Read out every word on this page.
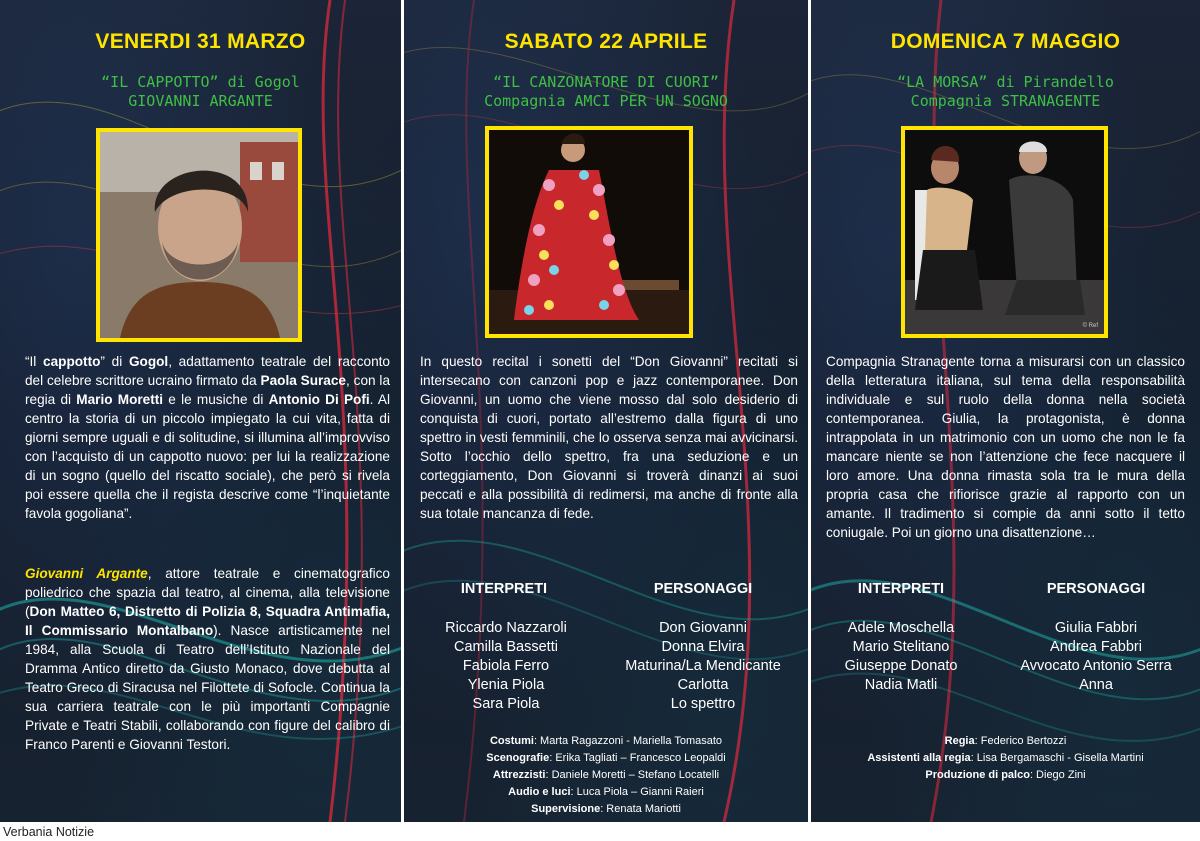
VENERDI 31 MARZO
“IL CAPPOTTO” di Gogol
GIOVANNI ARGANTE
“Il cappotto” di Gogol, adattamento teatrale del racconto del celebre scrittore ucraino firmato da Paola Surace, con la regia di Mario Moretti e le musiche di Antonio Di Pofi. Al centro la storia di un piccolo impiegato la cui vita, fatta di giorni sempre uguali e di solitudine, si illumina all’improvviso con l’acquisto di un cappotto nuovo: per lui la realizzazione di un sogno (quello del riscatto sociale), che però si rivela poi essere quella che il regista descrive come “l’inquietante favola gogoliana”.
Giovanni Argante, attore teatrale e cinematografico poliedrico che spazia dal teatro, al cinema, alla televisione (Don Matteo 6, Distretto di Polizia 8, Squadra Antimafia, Il Commissario Montalbano). Nasce artisticamente nel 1984, alla Scuola di Teatro dell’Istituto Nazionale del Dramma Antico diretto da Giusto Monaco, dove debutta al Teatro Greco di Siracusa nel Filottete di Sofocle. Continua la sua carriera teatrale con le più importanti Compagnie Private e Teatri Stabili, collaborando con figure del calibro di Franco Parenti e Giovanni Testori.
SABATO 22 APRILE
“IL CANZONATORE DI CUORI”
Compagnia AMCI PER UN SOGNO
In questo recital i sonetti del “Don Giovanni” recitati si intersecano con canzoni pop e jazz contemporanee. Don Giovanni, un uomo che viene mosso dal solo desiderio di conquista di cuori, portato all’estremo dalla figura di uno spettro in vesti femminili, che lo osserva senza mai avvicinarsi. Sotto l’occhio dello spettro, fra una seduzione e un corteggiamento, Don Giovanni si troverà dinanzi ai suoi peccati e alla possibilità di redimersi, ma anche di fronte alla sua totale mancanza di fede.
INTERPRETI	PERSONAGGI
Riccardo Nazzaroli
Camilla Bassetti
Fabiola Ferro
Ylenia Piola
Sara Piola
Don Giovanni
Donna Elvira
Maturina/La Mendicante
Carlotta
Lo spettro
Costumi: Marta Ragazzoni - Mariella Tomasato
Scenografie: Erika Tagliati – Francesco Leopaldi
Attrezzisti: Daniele Moretti – Stefano Locatelli
Audio e luci: Luca Piola – Gianni Raieri
Supervisione: Renata Mariotti
DOMENICA 7 MAGGIO
“LA MORSA” di Pirandello
Compagnia STRANAGENTE
© Ref
Compagnia Stranagente torna a misurarsi con un classico della letteratura italiana, sul tema della responsabilità individuale e sul ruolo della donna nella società contemporanea. Giulia, la protagonista, è donna intrappolata in un matrimonio con un uomo che non le fa mancare niente se non l’attenzione che fece nacquere il loro amore. Una donna rimasta sola tra le mura della propria casa che rifiorisce grazie al rapporto con un amante. Il tradimento si compie da anni sotto il tetto coniugale. Poi un giorno una disattenzione…
INTERPRETI	PERSONAGGI
Adele Moschella
Mario Stelitano
Giuseppe Donato
Nadia Matli
Giulia Fabbri
Andrea Fabbri
Avvocato Antonio Serra
Anna
Regia: Federico Bertozzi
Assistenti alla regia: Lisa Bergamaschi - Gisella Martini
Produzione di palco: Diego Zini
Verbania Notizie
